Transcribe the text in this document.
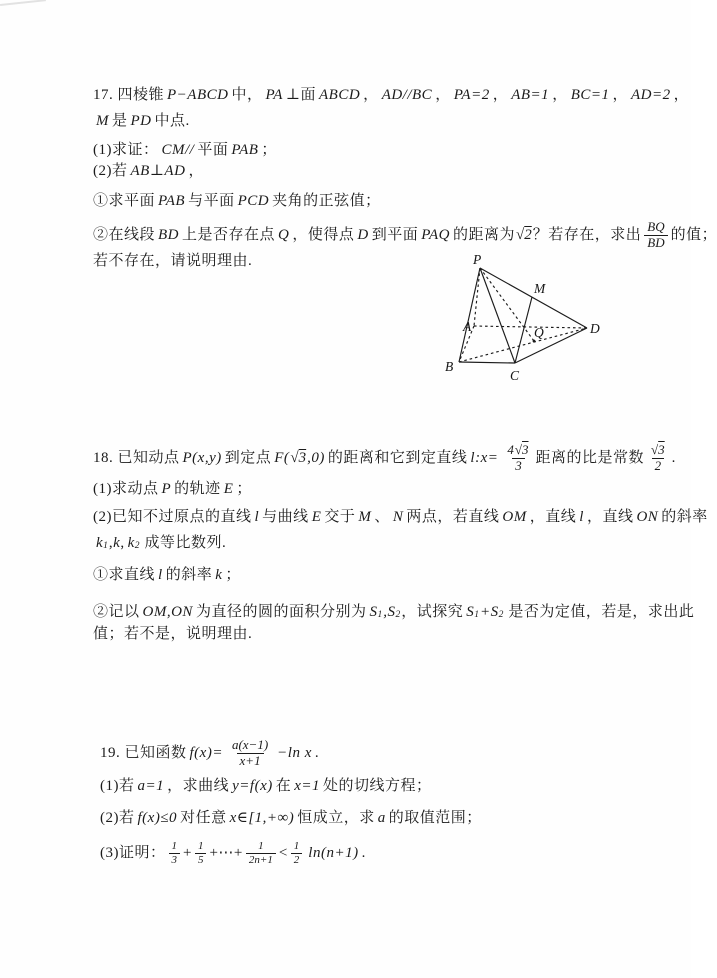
17. 四棱锥 P−ABCD 中， PA ⊥面 ABCD ， AD//BC ， PA=2 ， AB=1 ， BC=1 ， AD=2 ，
M 是 PD 中点.
(1)求证： CM// 平面 PAB ；
(2)若 AB⊥AD ，
①求平面 PAB 与平面 PCD 夹角的正弦值；
②在线段 BD 上是否存在点 Q ，使得点 D 到平面 PAQ 的距离为 √ 2 ？若存在，求出 $\frac{BQ}{BD}$ 的值；
若不存在，请说明理由.	P
M
A	D
Q
B
C
18. 已知动点 P(x,y) 到定点 F( √ 3 ,0) 的距离和它到定直线 l:x= $\frac{4 √ 3}{3}$ 距离的比是常数 $\frac{√ 3}{2}$ .
(1)求动点 P 的轨迹 E ；
(2)已知不过原点的直线 l 与曲线 E 交于 M 、 N 两点，若直线 OM ，直线 l ，直线 ON 的斜率
$k_1$ , k , $k_2$ 成等比数列.
①求直线 l 的斜率 k ；
②记以 OM,ON 为直径的圆的面积分别为 $S_1$ $,S_2$ ，试探究 $S_1 +S_2$ 是否为定值，若是，求出此
值；若不是，说明理由.
19. 已知函数 $f(x)= \frac{a(x-1)}{x+1} -\ln$ x .
(1)若 a=1 ，求曲线 y=f(x) 在 x=1 处的切线方程；
(2)若 f(x)≤0 对任意 x∈[1,+∞) 恒成立，求 a 的取值范围；
(3)证明： $\frac{1}{3} + \frac{1}{5}$ +⋯+ $\frac{1}{2n+1} < \frac{1}{2} \ln(n+1)$ .
